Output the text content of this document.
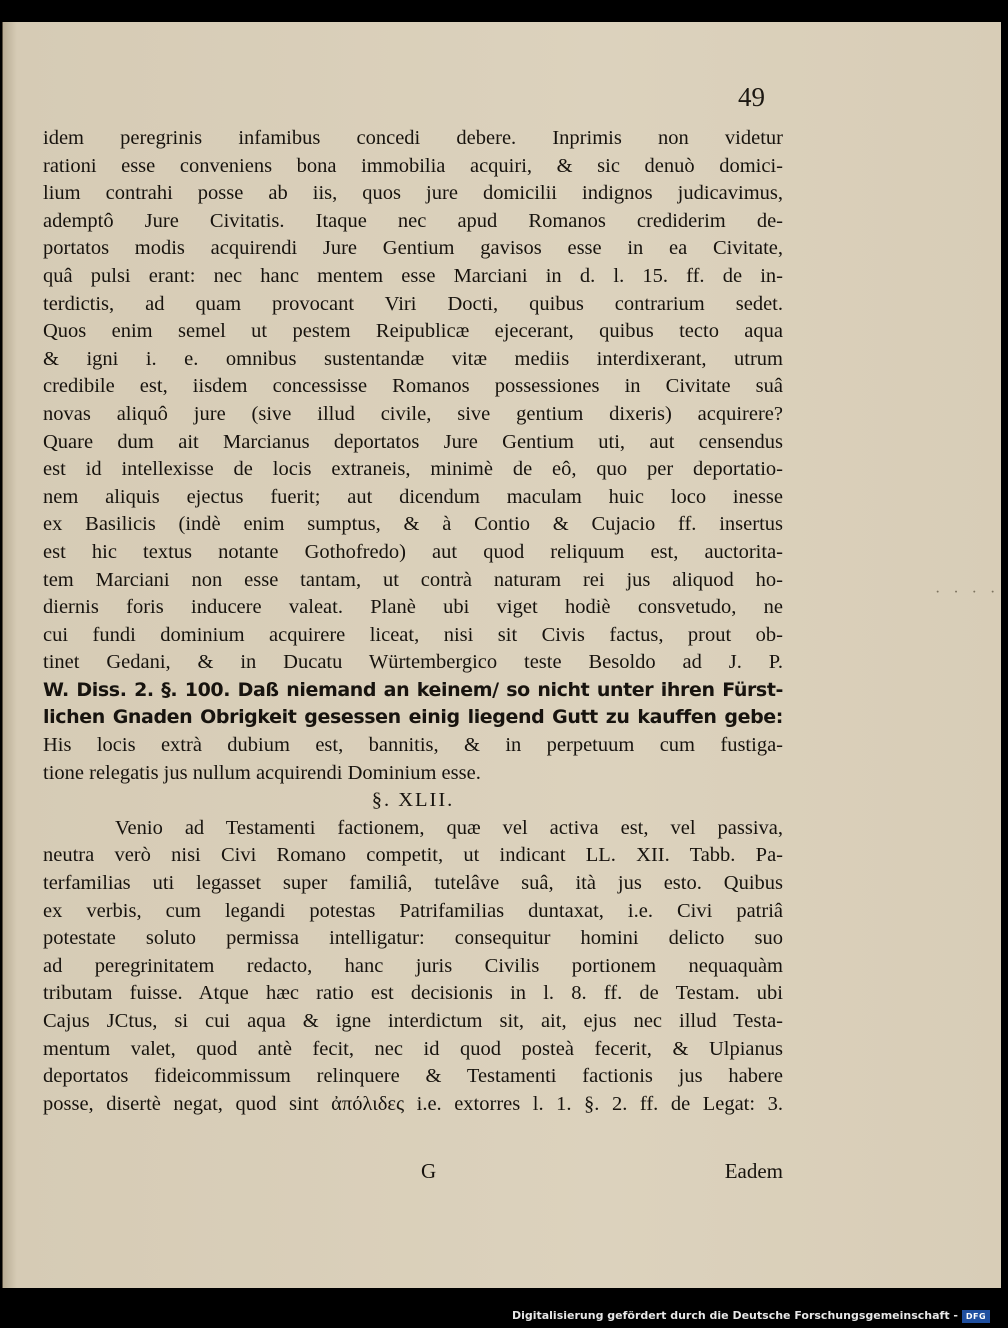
49
idem peregrinis infamibus concedi debere. Inprimis non videtur
rationi esse conveniens bona immobilia acquiri, & sic denuò domici-
lium contrahi posse ab iis, quos jure domicilii indignos judicavimus,
ademptô Jure Civitatis. Itaque nec apud Romanos crediderim de-
portatos modis acquirendi Jure Gentium gavisos esse in ea Civitate,
quâ pulsi erant: nec hanc mentem esse Marciani in d. l. 15. ff. de in-
terdictis, ad quam provocant Viri Docti, quibus contrarium sedet.
Quos enim semel ut pestem Reipublicæ ejecerant, quibus tecto aqua
& igni i. e. omnibus sustentandæ vitæ mediis interdixerant, utrum
credibile est, iisdem concessisse Romanos possessiones in Civitate suâ
novas aliquô jure (sive illud civile, sive gentium dixeris) acquirere?
Quare dum ait Marcianus deportatos Jure Gentium uti, aut censendus
est id intellexisse de locis extraneis, minimè de eô, quo per deportatio-
nem aliquis ejectus fuerit; aut dicendum maculam huic loco inesse
ex Basilicis (indè enim sumptus, & à Contio & Cujacio ff. insertus
est hic textus notante Gothofredo) aut quod reliquum est, auctorita-
tem Marciani non esse tantam, ut contrà naturam rei jus aliquod ho-
diernis foris inducere valeat. Planè ubi viget hodiè consvetudo, ne
cui fundi dominium acquirere liceat, nisi sit Civis factus, prout ob-
tinet Gedani, & in Ducatu Würtembergico teste Besoldo ad J. P.
W. Diss. 2. §. 100. Daß niemand an keinem/ so nicht unter ihren Fürst-
lichen Gnaden Obrigkeit gesessen einig liegend Gutt zu kauffen gebe:
His locis extrà dubium est, bannitis, & in perpetuum cum fustiga-
tione relegatis jus nullum acquirendi Dominium esse.
§. XLII.
Venio ad Testamenti factionem, quæ vel activa est, vel passiva,
neutra verò nisi Civi Romano competit, ut indicant LL. XII. Tabb. Pa-
terfamilias uti legasset super familiâ, tutelâve suâ, ità jus esto. Quibus
ex verbis, cum legandi potestas Patrifamilias duntaxat, i.e. Civi patriâ
potestate soluto permissa intelligatur: consequitur homini delicto suo
ad peregrinitatem redacto, hanc juris Civilis portionem nequaquàm
tributam fuisse. Atque hæc ratio est decisionis in l. 8. ff. de Testam. ubi
Cajus JCtus, si cui aqua & igne interdictum sit, ait, ejus nec illud Testa-
mentum valet, quod antè fecit, nec id quod posteà fecerit, & Ulpianus
deportatos fideicommissum relinquere & Testamenti factionis jus habere
posse, disertè negat, quod sint ἀπόλιδες i.e. extorres l. 1. §. 2. ff. de Legat: 3.
G	Eadem
····
Digitalisierung gefördert durch die Deutsche Forschungsgemeinschaft - DFG
